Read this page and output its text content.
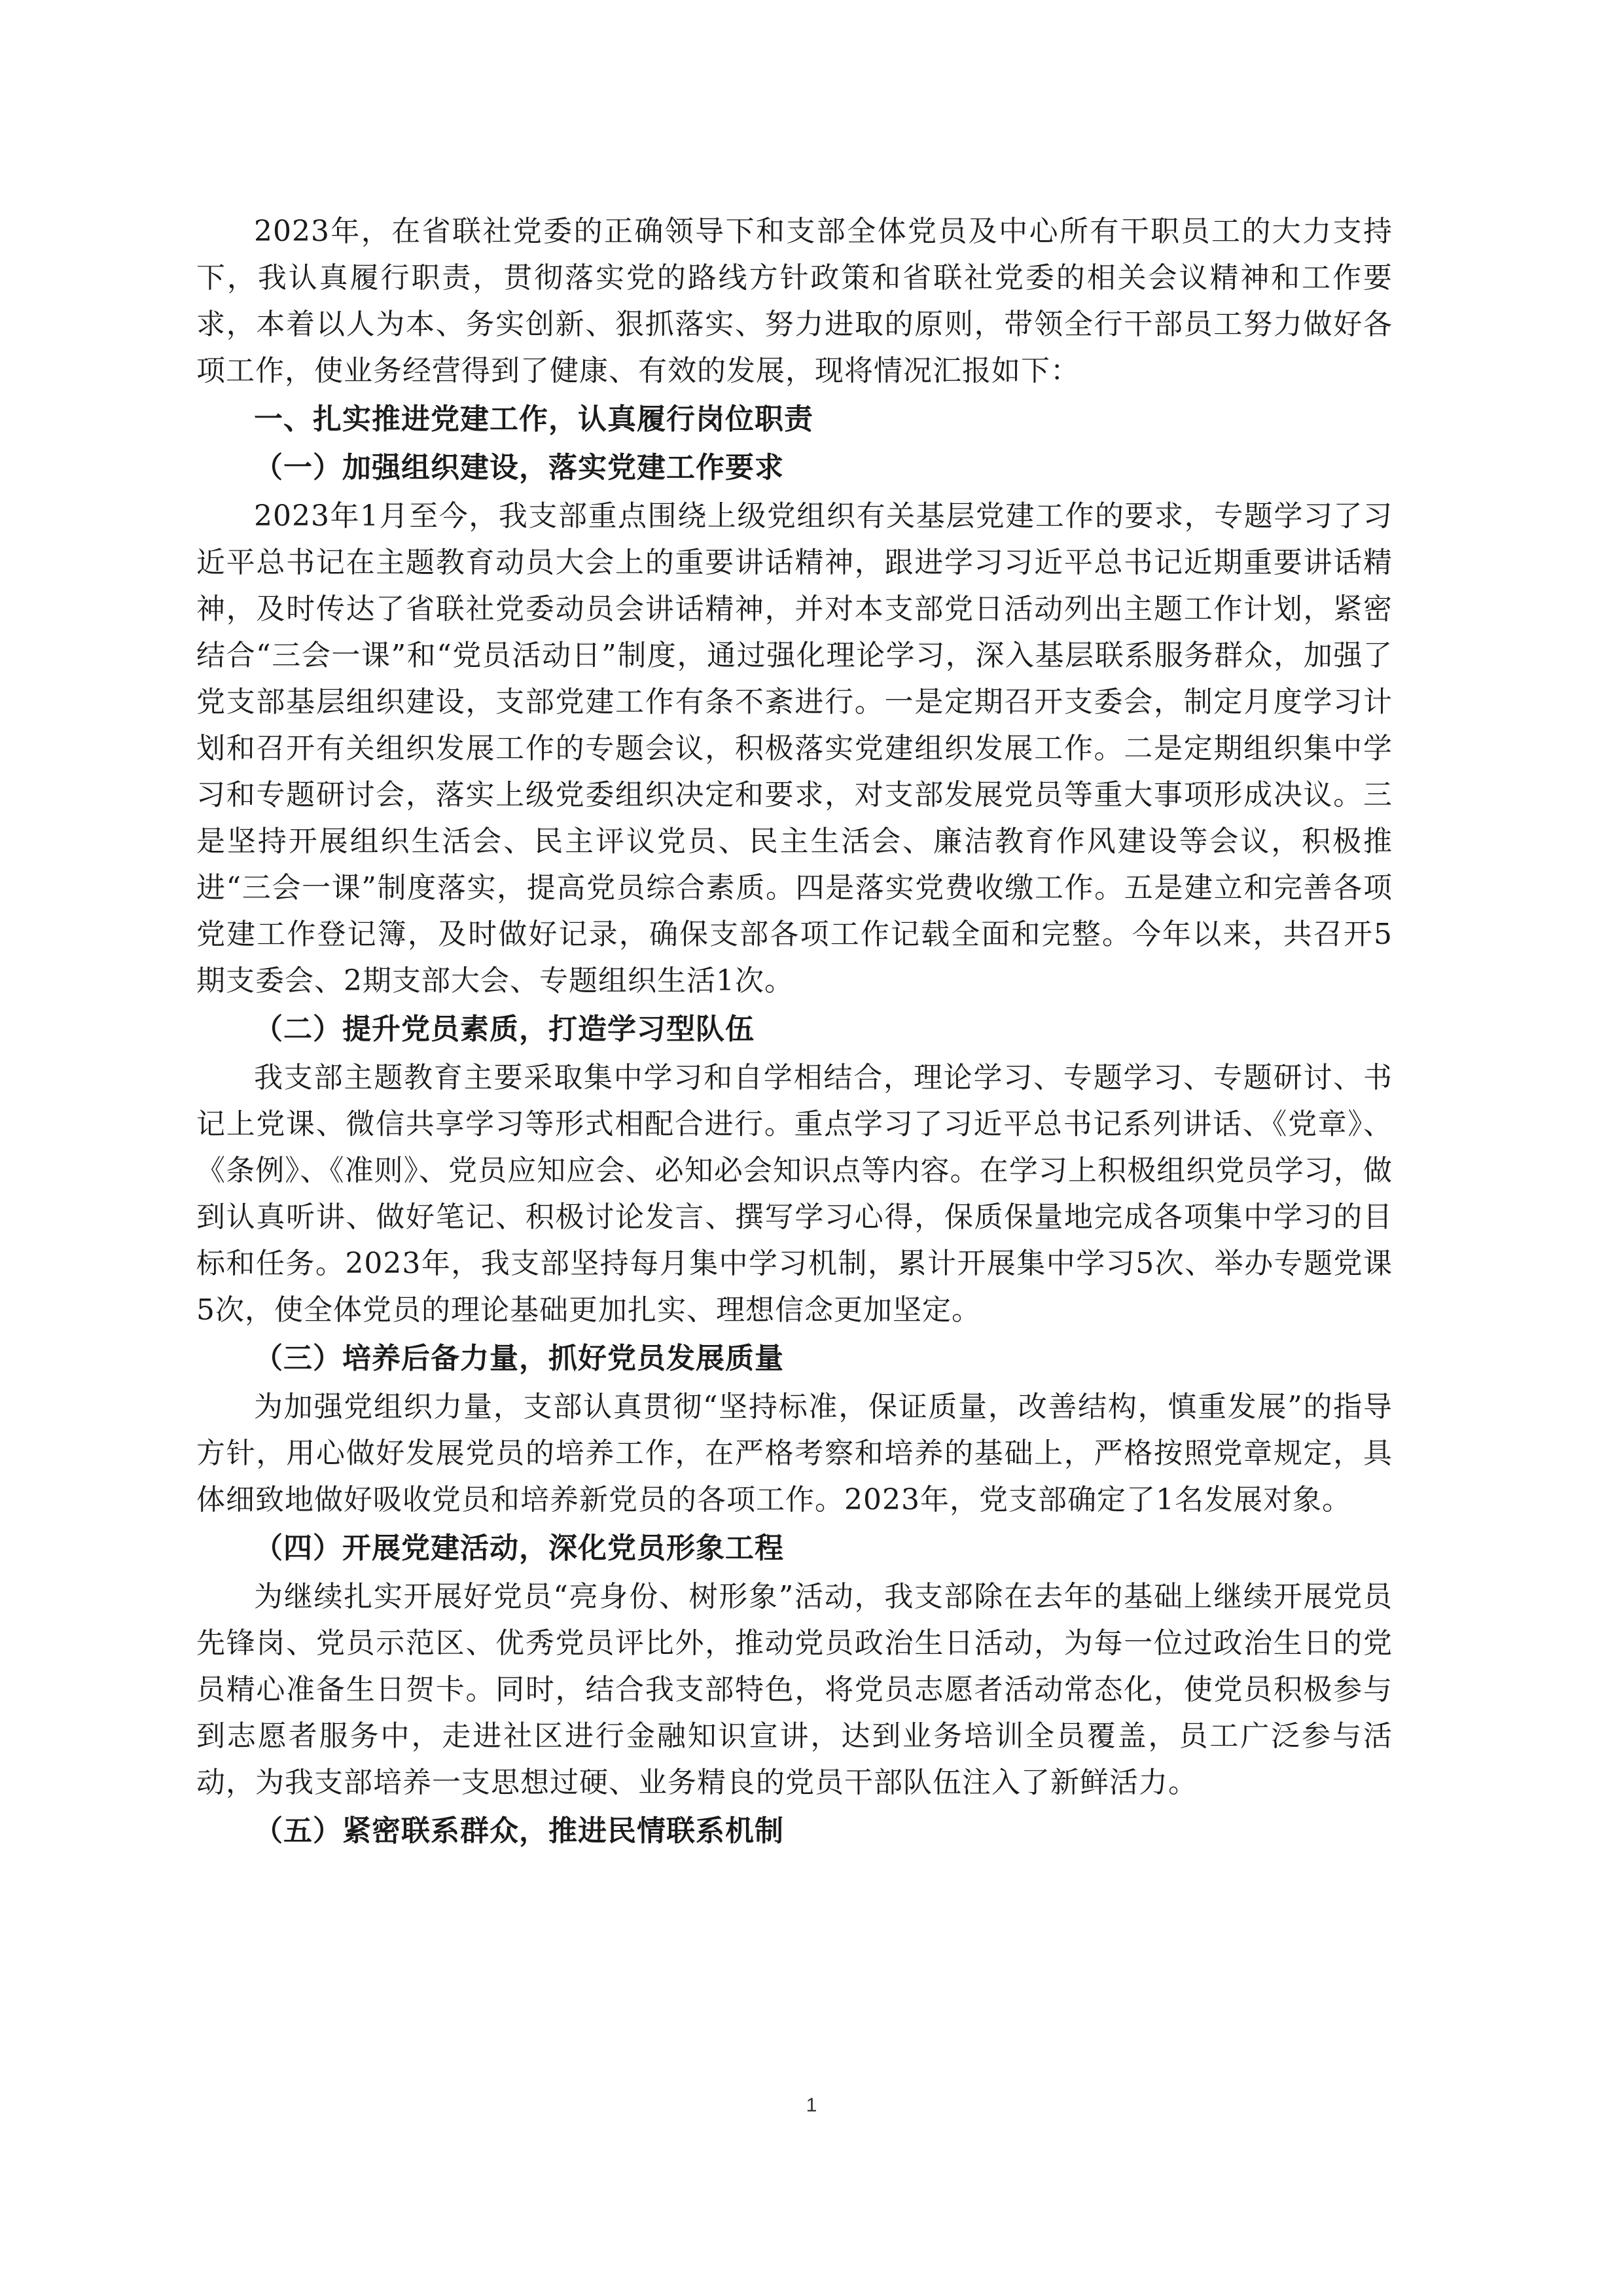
2023年，在省联社党委的正确领导下和支部全体党员及中心所有干职员工的大力支持下，我认真履行职责，贯彻落实党的路线方针政策和省联社党委的相关会议精神和工作要求，本着以人为本、务实创新、狠抓落实、努力进取的原则，带领全行干部员工努力做好各项工作，使业务经营得到了健康、有效的发展，现将情况汇报如下：

一、扎实推进党建工作，认真履行岗位职责

（一）加强组织建设，落实党建工作要求

2023年1月至今，我支部重点围绕上级党组织有关基层党建工作的要求，专题学习了习近平总书记在主题教育动员大会上的重要讲话精神，跟进学习习近平总书记近期重要讲话精神，及时传达了省联社党委动员会讲话精神，并对本支部党日活动列出主题工作计划，紧密结合“三会一课”和“党员活动日”制度，通过强化理论学习，深入基层联系服务群众，加强了党支部基层组织建设，支部党建工作有条不紊进行。一是定期召开支委会，制定月度学习计划和召开有关组织发展工作的专题会议，积极落实党建组织发展工作。二是定期组织集中学习和专题研讨会，落实上级党委组织决定和要求，对支部发展党员等重大事项形成决议。三是坚持开展组织生活会、民主评议党员、民主生活会、廉洁教育作风建设等会议，积极推进“三会一课”制度落实，提高党员综合素质。四是落实党费收缴工作。五是建立和完善各项党建工作登记簿，及时做好记录，确保支部各项工作记载全面和完整。今年以来，共召开5期支委会、2期支部大会、专题组织生活1次。

（二）提升党员素质，打造学习型队伍

我支部主题教育主要采取集中学习和自学相结合，理论学习、专题学习、专题研讨、书记上党课、微信共享学习等形式相配合进行。重点学习了习近平总书记系列讲话、《党章》、《条例》、《准则》、党员应知应会、必知必会知识点等内容。在学习上积极组织党员学习，做到认真听讲、做好笔记、积极讨论发言、撰写学习心得，保质保量地完成各项集中学习的目标和任务。2023年，我支部坚持每月集中学习机制，累计开展集中学习5次、举办专题党课5次，使全体党员的理论基础更加扎实、理想信念更加坚定。

（三）培养后备力量，抓好党员发展质量

为加强党组织力量，支部认真贯彻“坚持标准，保证质量，改善结构，慎重发展”的指导方针，用心做好发展党员的培养工作，在严格考察和培养的基础上，严格按照党章规定，具体细致地做好吸收党员和培养新党员的各项工作。2023年，党支部确定了1名发展对象。

（四）开展党建活动，深化党员形象工程

为继续扎实开展好党员“亮身份、树形象”活动，我支部除在去年的基础上继续开展党员先锋岗、党员示范区、优秀党员评比外，推动党员政治生日活动，为每一位过政治生日的党员精心准备生日贺卡。同时，结合我支部特色，将党员志愿者活动常态化，使党员积极参与到志愿者服务中，走进社区进行金融知识宣讲，达到业务培训全员覆盖，员工广泛参与活动，为我支部培养一支思想过硬、业务精良的党员干部队伍注入了新鲜活力。

（五）紧密联系群众，推进民情联系机制

1
